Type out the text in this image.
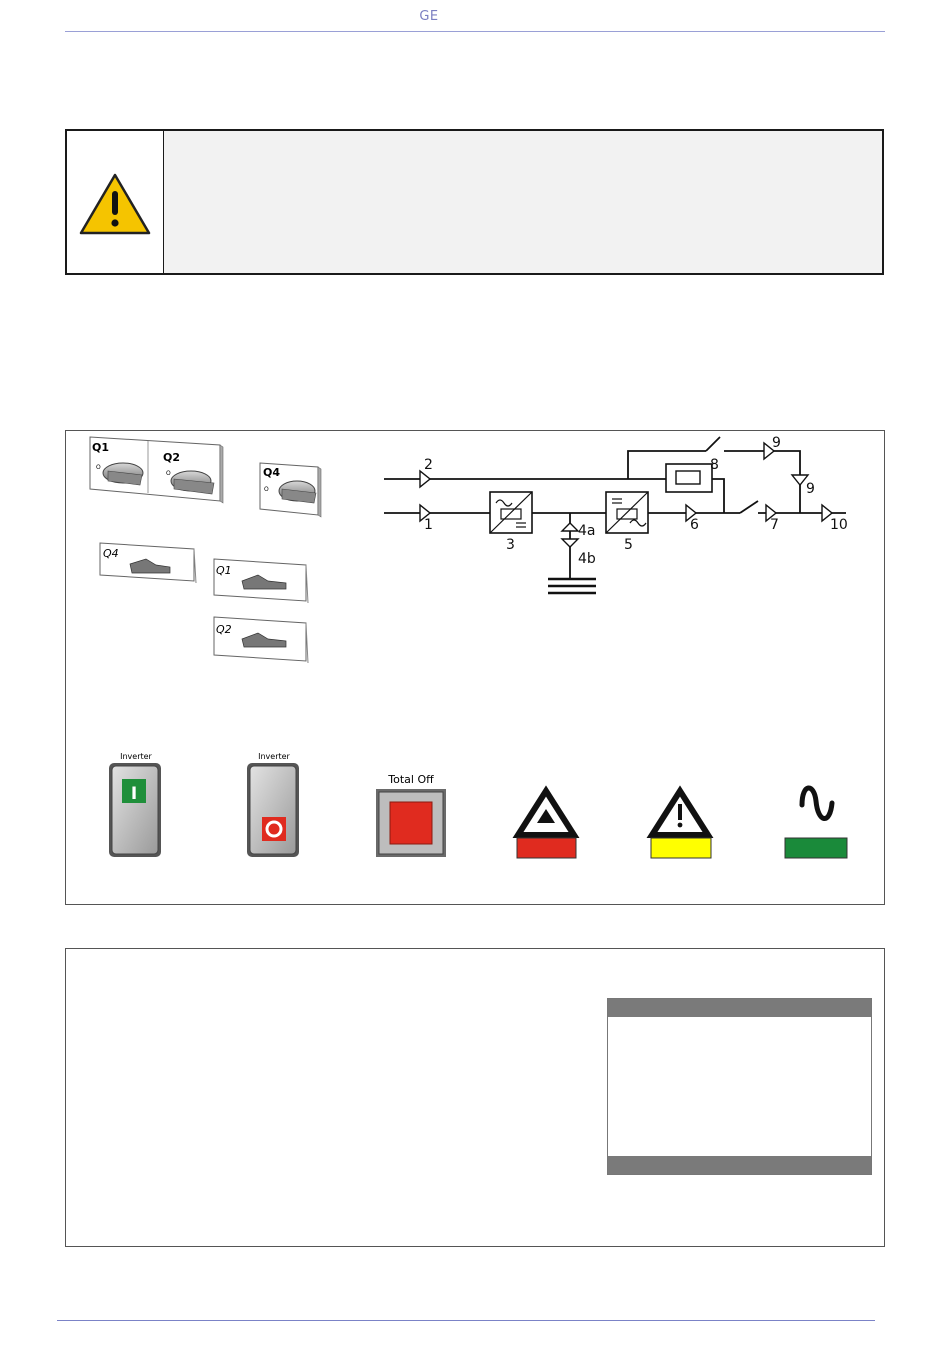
GE
Q1
Q2
O
O	Q4
O
Q4
Q1
Q2
2
1
3
4a
4b
5
6	7
8
9
9
10
Inverter
I
Inverter
Total Off
